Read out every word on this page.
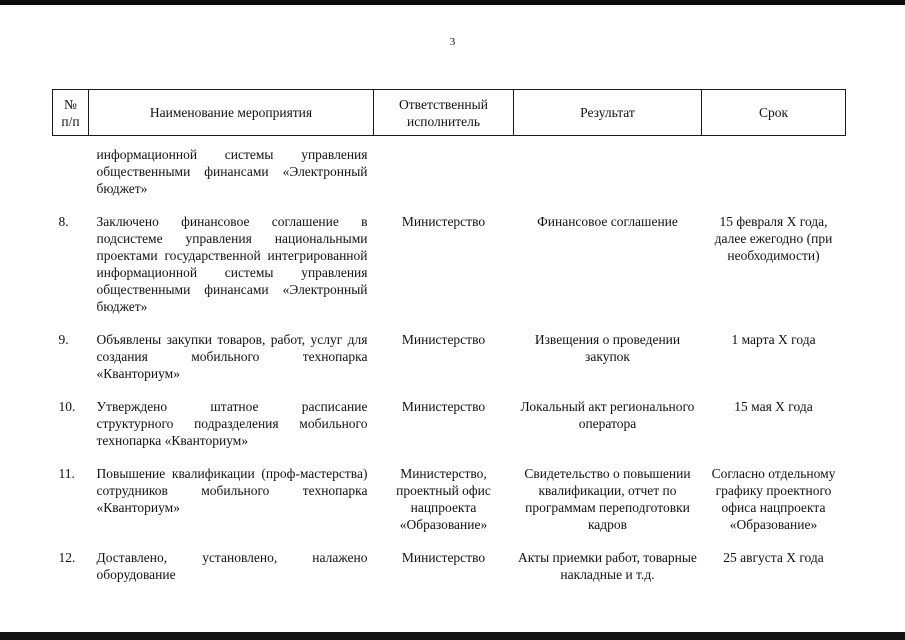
3
№ п/п	Наименование мероприятия	Ответственный исполнитель	Результат	Срок
	информационной системы управления общественными финансами «Электронный бюджет»			
8.	Заключено финансовое соглашение в подсистеме управления национальными проектами государственной интегрированной информационной системы управления общественными финансами «Электронный бюджет»	Министерство	Финансовое соглашение	15 февраля X года, далее ежегодно (при необходимости)
9.	Объявлены закупки товаров, работ, услуг для создания мобильного технопарка «Кванториум»	Министерство	Извещения о проведении закупок	1 марта X года
10.	Утверждено штатное расписание структурного подразделения мобильного технопарка «Кванториум»	Министерство	Локальный акт регионального оператора	15 мая X года
11.	Повышение квалификации (проф-мастерства) сотрудников мобильного технопарка «Кванториум»	Министерство, проектный офис нацпроекта «Образование»	Свидетельство о повышении квалификации, отчет по программам переподготовки кадров	Согласно отдельному графику проектного офиса нацпроекта «Образование»
12.	Доставлено, установлено, налажено оборудование	Министерство	Акты приемки работ, товарные накладные и т.д.	25 августа X года
